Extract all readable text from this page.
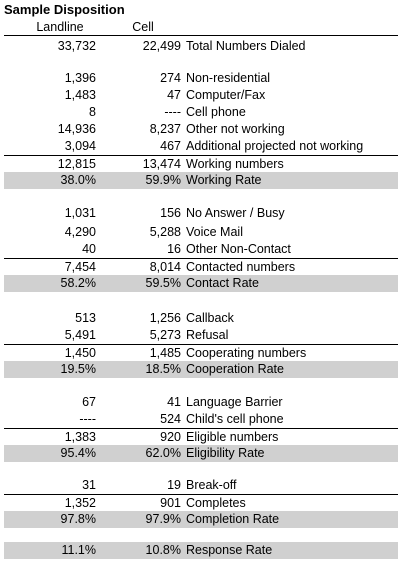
Sample Disposition
Landline	Cell
33,732	22,499 Total Numbers Dialed
1,396	274 Non-residential
1,483	47 Computer/Fax
8	---- Cell phone
14,936	8,237 Other not working
3,094	467 Additional projected not working
12,815	13,474 Working numbers
38.0%	59.9% Working Rate
1,031	156 No Answer / Busy
4,290	5,288 Voice Mail
40	16 Other Non-Contact
7,454	8,014 Contacted numbers
58.2%	59.5% Contact Rate
513	1,256 Callback
5,491	5,273 Refusal
1,450	1,485 Cooperating numbers
19.5%	18.5% Cooperation Rate
67	41 Language Barrier
----	524 Child's cell phone
1,383	920 Eligible numbers
95.4%	62.0% Eligibility Rate
31	19 Break-off
1,352	901 Completes
97.8%	97.9% Completion Rate
11.1%	10.8% Response Rate
